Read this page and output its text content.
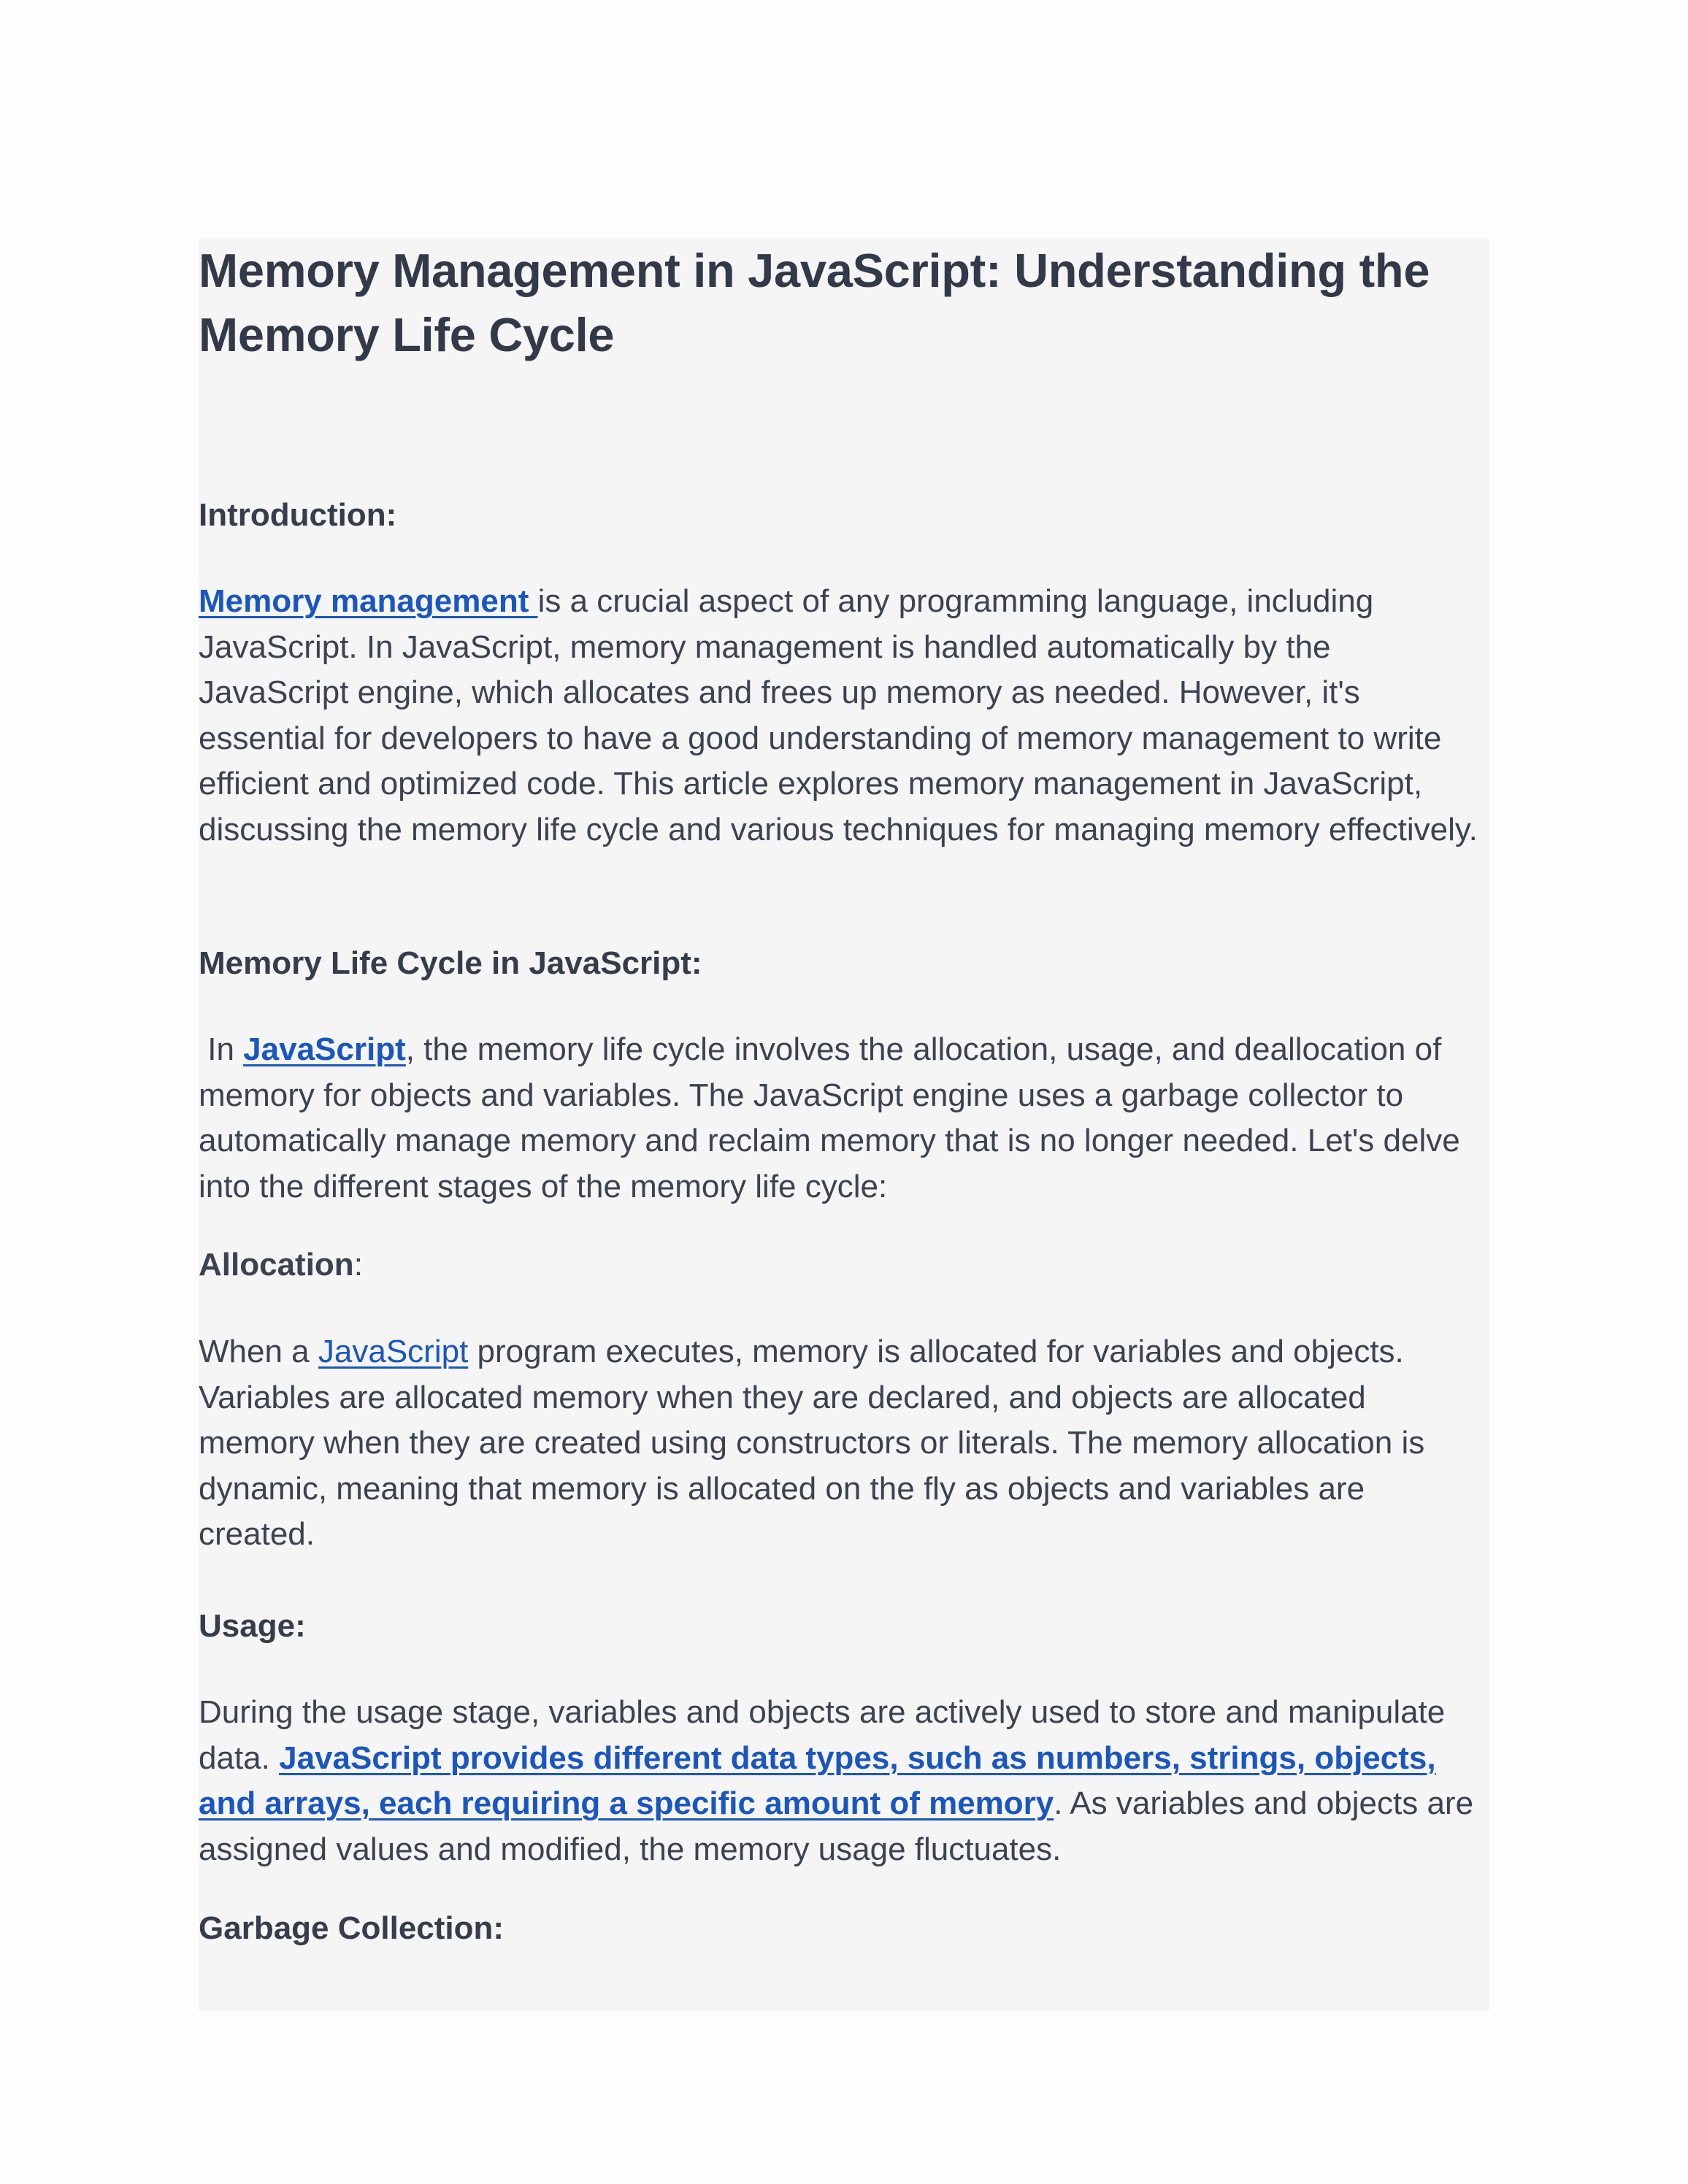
Memory Management in JavaScript: Understanding the Memory Life Cycle

Introduction:

Memory management is a crucial aspect of any programming language, including JavaScript. In JavaScript, memory management is handled automatically by the JavaScript engine, which allocates and frees up memory as needed. However, it's essential for developers to have a good understanding of memory management to write efficient and optimized code. This article explores memory management in JavaScript, discussing the memory life cycle and various techniques for managing memory effectively.

Memory Life Cycle in JavaScript:

In JavaScript, the memory life cycle involves the allocation, usage, and deallocation of memory for objects and variables. The JavaScript engine uses a garbage collector to automatically manage memory and reclaim memory that is no longer needed. Let's delve into the different stages of the memory life cycle:

Allocation:

When a JavaScript program executes, memory is allocated for variables and objects. Variables are allocated memory when they are declared, and objects are allocated memory when they are created using constructors or literals. The memory allocation is dynamic, meaning that memory is allocated on the fly as objects and variables are created.

Usage:

During the usage stage, variables and objects are actively used to store and manipulate data. JavaScript provides different data types, such as numbers, strings, objects, and arrays, each requiring a specific amount of memory. As variables and objects are assigned values and modified, the memory usage fluctuates.

Garbage Collection:
